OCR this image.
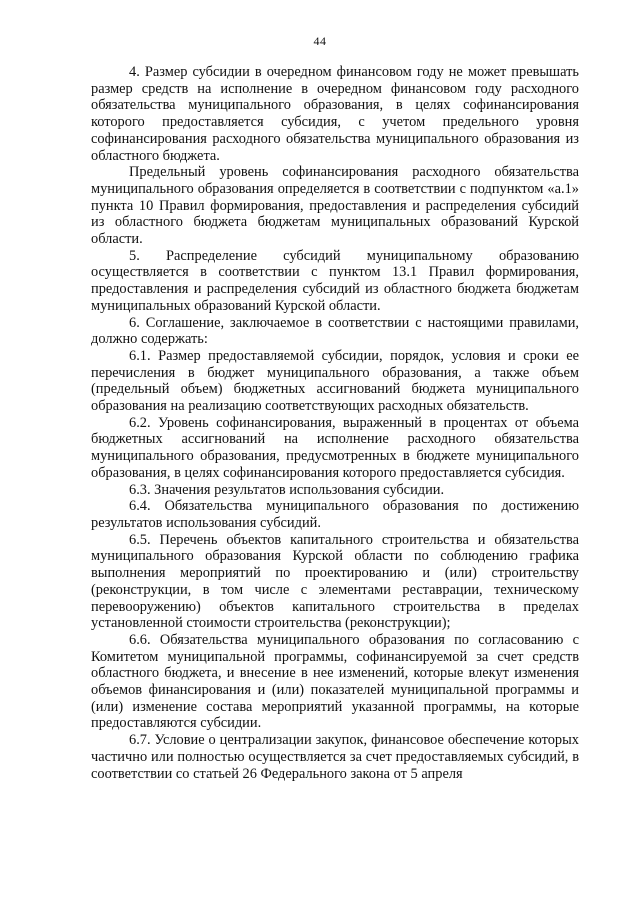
44

4. Размер субсидии в очередном финансовом году не может превышать размер средств на исполнение в очередном финансовом году расходного обязательства муниципального образования, в целях софинансирования которого предоставляется субсидия, с учетом предельного уровня софинансирования расходного обязательства муниципального образования из областного бюджета.

Предельный уровень софинансирования расходного обязательства муниципального образования определяется в соответствии с подпунктом «а.1» пункта 10 Правил формирования, предоставления и распределения субсидий из областного бюджета бюджетам муниципальных образований Курской области.

5. Распределение субсидий муниципальному образованию осуществляется в соответствии с пунктом 13.1 Правил формирования, предоставления и распределения субсидий из областного бюджета бюджетам муниципальных образований Курской области.

6. Соглашение, заключаемое в соответствии с настоящими правилами, должно содержать:

6.1. Размер предоставляемой субсидии, порядок, условия и сроки ее перечисления в бюджет муниципального образования, а также объем (предельный объем) бюджетных ассигнований бюджета муниципального образования на реализацию соответствующих расходных обязательств.

6.2. Уровень софинансирования, выраженный в процентах от объема бюджетных ассигнований на исполнение расходного обязательства муниципального образования, предусмотренных в бюджете муниципального образования, в целях софинансирования которого предоставляется субсидия.

6.3. Значения результатов использования субсидии.

6.4. Обязательства муниципального образования по достижению результатов использования субсидий.

6.5. Перечень объектов капитального строительства и обязательства муниципального образования Курской области по соблюдению графика выполнения мероприятий по проектированию и (или) строительству (реконструкции, в том числе с элементами реставрации, техническому перевооружению) объектов капитального строительства в пределах установленной стоимости строительства (реконструкции);

6.6. Обязательства муниципального образования по согласованию с Комитетом муниципальной программы, софинансируемой за счет средств областного бюджета, и внесение в нее изменений, которые влекут изменения объемов финансирования и (или) показателей муниципальной программы и (или) изменение состава мероприятий указанной программы, на которые предоставляются субсидии.

6.7. Условие о централизации закупок, финансовое обеспечение которых частично или полностью осуществляется за счет предоставляемых субсидий, в соответствии со статьей 26 Федерального закона от 5 апреля
